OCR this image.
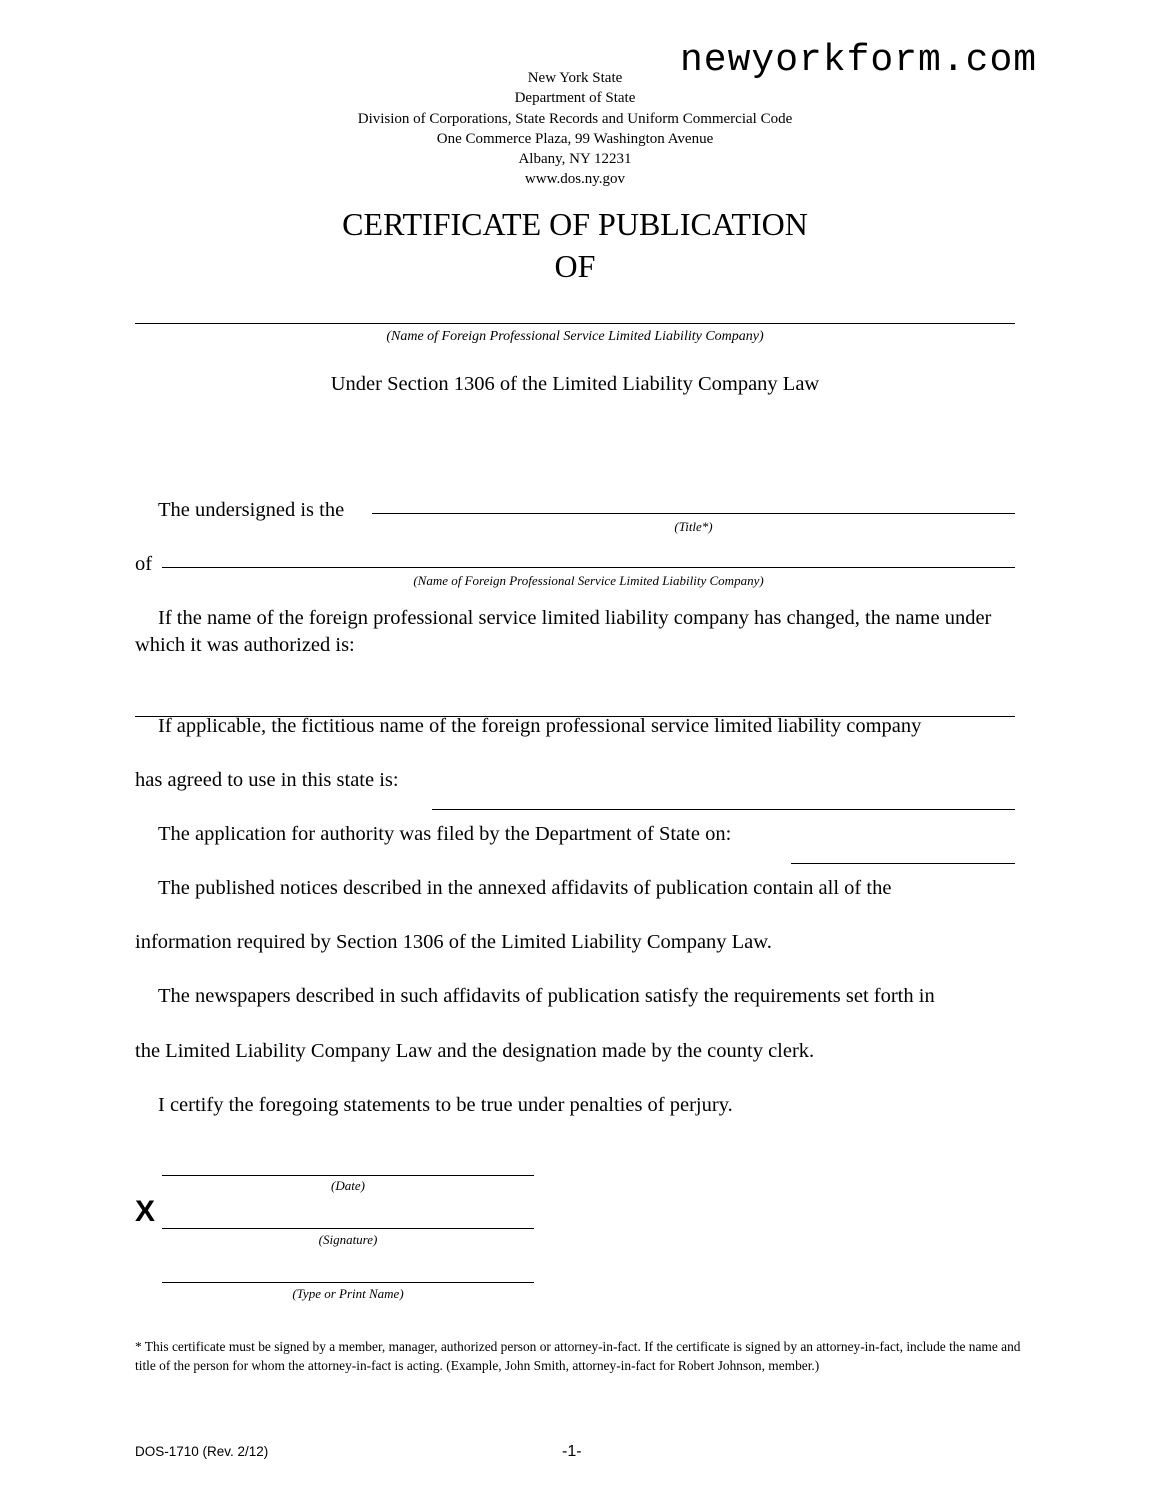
newyorkform.com
New York State
Department of State
Division of Corporations, State Records and Uniform Commercial Code
One Commerce Plaza, 99 Washington Avenue
Albany, NY 12231
www.dos.ny.gov
CERTIFICATE OF PUBLICATION
OF
(Name of Foreign Professional Service Limited Liability Company)
Under Section 1306 of the Limited Liability Company Law
The undersigned is the
(Title*)
of
(Name of Foreign Professional Service Limited Liability Company)
If the name of the foreign professional service limited liability company has changed, the name under which it was authorized is:
If applicable, the fictitious name of the foreign professional service limited liability company
has agreed to use in this state is:
The application for authority was filed by the Department of State on:
The published notices described in the annexed affidavits of publication contain all of the
information required by Section 1306 of the Limited Liability Company Law.
The newspapers described in such affidavits of publication satisfy the requirements set forth in
the Limited Liability Company Law and the designation made by the county clerk.
I certify the foregoing statements to be true under penalties of perjury.
(Date)
X
(Signature)
(Type or Print Name)
* This certificate must be signed by a member, manager, authorized person or attorney-in-fact. If the certificate is signed by an attorney-in-fact, include the name and title of the person for whom the attorney-in-fact is acting. (Example, John Smith, attorney-in-fact for Robert Johnson, member.)
DOS-1710 (Rev. 2/12)	-1-
